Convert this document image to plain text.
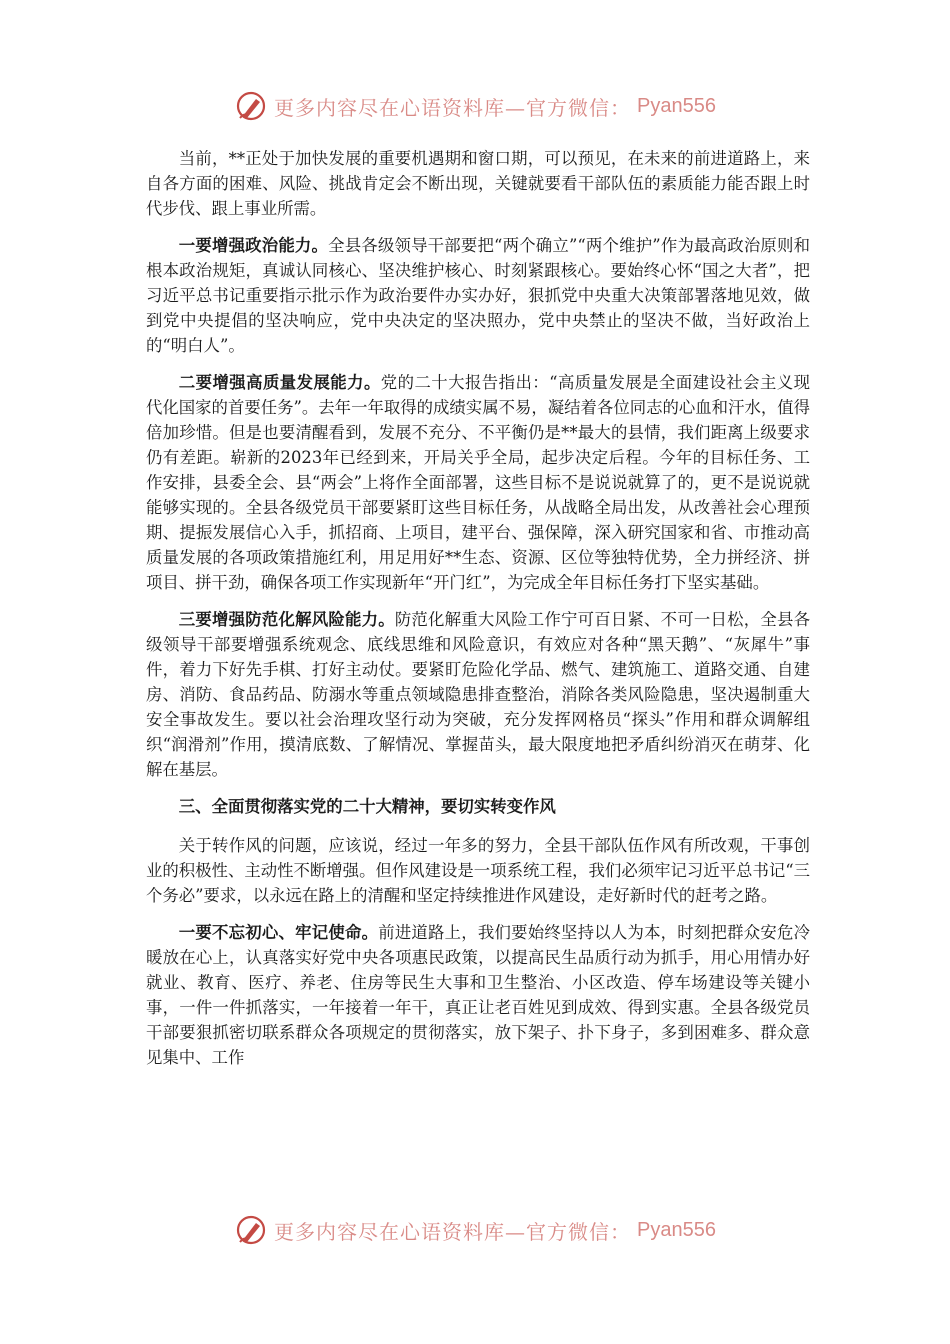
更多内容尽在心语资料库—官方微信： Pyan556

当前，**正处于加快发展的重要机遇期和窗口期，可以预见，在未来的前进道路上，来自各方面的困难、风险、挑战肯定会不断出现，关键就要看干部队伍的素质能力能否跟上时代步伐、跟上事业所需。

一要增强政治能力。全县各级领导干部要把“两个确立”“两个维护”作为最高政治原则和根本政治规矩，真诚认同核心、坚决维护核心、时刻紧跟核心。要始终心怀“国之大者”，把习近平总书记重要指示批示作为政治要件办实办好，狠抓党中央重大决策部署落地见效，做到党中央提倡的坚决响应，党中央决定的坚决照办，党中央禁止的坚决不做，当好政治上的“明白人”。

二要增强高质量发展能力。党的二十大报告指出：“高质量发展是全面建设社会主义现代化国家的首要任务”。去年一年取得的成绩实属不易，凝结着各位同志的心血和汗水，值得倍加珍惜。但是也要清醒看到，发展不充分、不平衡仍是**最大的县情，我们距离上级要求仍有差距。崭新的2023年已经到来，开局关乎全局，起步决定后程。今年的目标任务、工作安排，县委全会、县“两会”上将作全面部署，这些目标不是说说就算了的，更不是说说就能够实现的。全县各级党员干部要紧盯这些目标任务，从战略全局出发，从改善社会心理预期、提振发展信心入手，抓招商、上项目，建平台、强保障，深入研究国家和省、市推动高质量发展的各项政策措施红利，用足用好**生态、资源、区位等独特优势，全力拼经济、拼项目、拼干劲，确保各项工作实现新年“开门红”，为完成全年目标任务打下坚实基础。

三要增强防范化解风险能力。防范化解重大风险工作宁可百日紧、不可一日松，全县各级领导干部要增强系统观念、底线思维和风险意识，有效应对各种“黑天鹅”、“灰犀牛”事件，着力下好先手棋、打好主动仗。要紧盯危险化学品、燃气、建筑施工、道路交通、自建房、消防、食品药品、防溺水等重点领域隐患排查整治，消除各类风险隐患，坚决遏制重大安全事故发生。要以社会治理攻坚行动为突破，充分发挥网格员“探头”作用和群众调解组织“润滑剂”作用，摸清底数、了解情况、掌握苗头，最大限度地把矛盾纠纷消灭在萌芽、化解在基层。

三、全面贯彻落实党的二十大精神，要切实转变作风

关于转作风的问题，应该说，经过一年多的努力，全县干部队伍作风有所改观，干事创业的积极性、主动性不断增强。但作风建设是一项系统工程，我们必须牢记习近平总书记“三个务必”要求，以永远在路上的清醒和坚定持续推进作风建设，走好新时代的赶考之路。

一要不忘初心、牢记使命。前进道路上，我们要始终坚持以人为本，时刻把群众安危冷暖放在心上，认真落实好党中央各项惠民政策，以提高民生品质行动为抓手，用心用情办好就业、教育、医疗、养老、住房等民生大事和卫生整治、小区改造、停车场建设等关键小事，一件一件抓落实，一年接着一年干，真正让老百姓见到成效、得到实惠。全县各级党员干部要狠抓密切联系群众各项规定的贯彻落实，放下架子、扑下身子，多到困难多、群众意见集中、工作

更多内容尽在心语资料库—官方微信： Pyan556
